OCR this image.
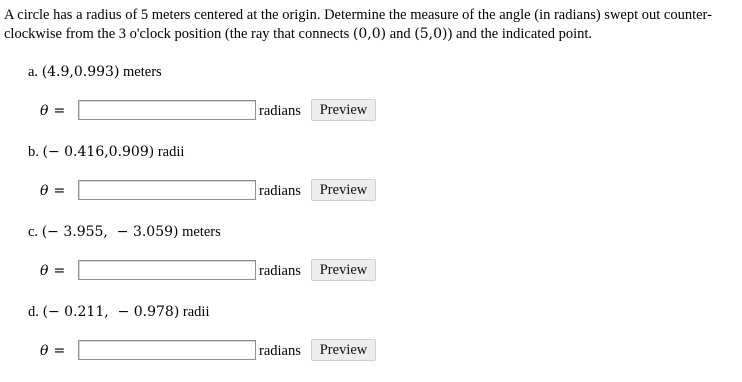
A circle has a radius of 5 meters centered at the origin. Determine the measure of the angle (in radians) swept out counter-clockwise from the 3 o'clock position (the ray that connects (0,0) and (5,0)) and the indicated point.
a. (4.9,0.993) meters
θ =	radians	Preview
b. (− 0.416,0.909) radii
θ =	radians	Preview
c. (− 3.955,  − 3.059) meters
θ =	radians	Preview
d. (− 0.211,  − 0.978) radii
θ =	radians	Preview
